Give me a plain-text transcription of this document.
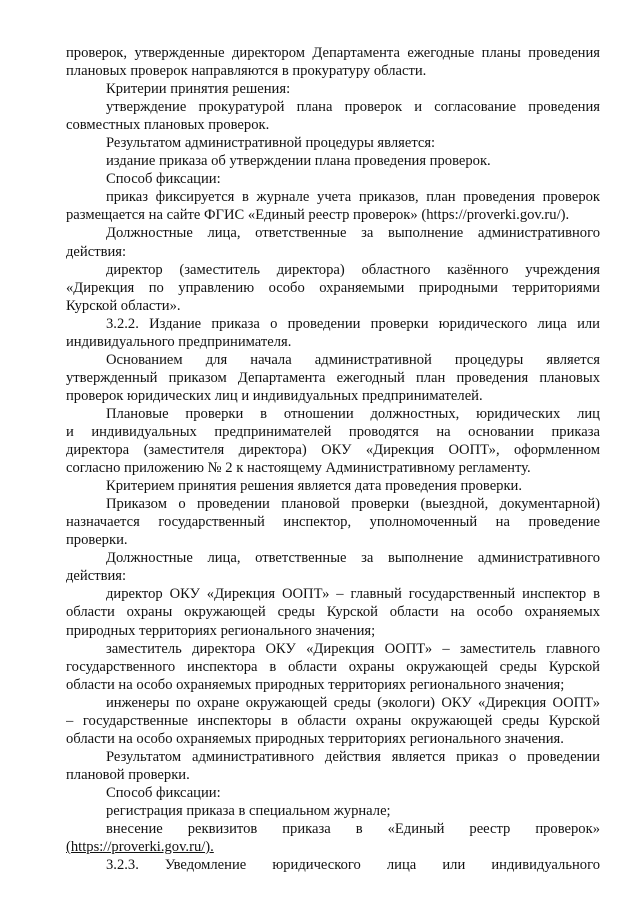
проверок, утвержденные директором Департамента ежегодные планы проведения
плановых проверок направляются в прокуратуру области.
Критерии принятия решения:
утверждение прокуратурой плана проверок и согласование проведения
совместных плановых проверок.
Результатом административной процедуры является:
издание приказа об утверждении плана проведения проверок.
Способ фиксации:
приказ фиксируется в журнале учета приказов, план проведения проверок
размещается на сайте ФГИС «Единый реестр проверок» (https://proverki.gov.ru/).
Должностные лица, ответственные за выполнение административного
действия:
директор (заместитель директора) областного казённого учреждения
«Дирекция по управлению особо охраняемыми природными территориями
Курской области».
3.2.2. Издание приказа о проведении проверки юридического лица или
индивидуального предпринимателя.
Основанием для начала административной процедуры является
утвержденный приказом Департамента ежегодный план проведения плановых
проверок юридических лиц и индивидуальных предпринимателей.
Плановые проверки в отношении должностных, юридических лиц
и индивидуальных предпринимателей проводятся на основании приказа
директора (заместителя директора) ОКУ «Дирекция ООПТ», оформленном
согласно приложению № 2 к настоящему Административному регламенту.
Критерием принятия решения является дата проведения проверки.
Приказом о проведении плановой проверки (выездной, документарной)
назначается государственный инспектор, уполномоченный на проведение
проверки.
Должностные лица, ответственные за выполнение административного
действия:
директор ОКУ «Дирекция ООПТ» – главный государственный инспектор в
области охраны окружающей среды Курской области на особо охраняемых
природных территориях регионального значения;
заместитель директора ОКУ «Дирекция ООПТ» – заместитель главного
государственного инспектора в области охраны окружающей среды Курской
области на особо охраняемых природных территориях регионального значения;
инженеры по охране окружающей среды (экологи) ОКУ «Дирекция ООПТ»
– государственные инспекторы в области охраны окружающей среды Курской
области на особо охраняемых природных территориях регионального значения.
Результатом административного действия является приказ о проведении
плановой проверки.
Способ фиксации:
регистрация приказа в специальном журнале;
внесение реквизитов приказа в «Единый реестр проверок»
(https://proverki.gov.ru/).
3.2.3. Уведомление юридического лица или индивидуального
